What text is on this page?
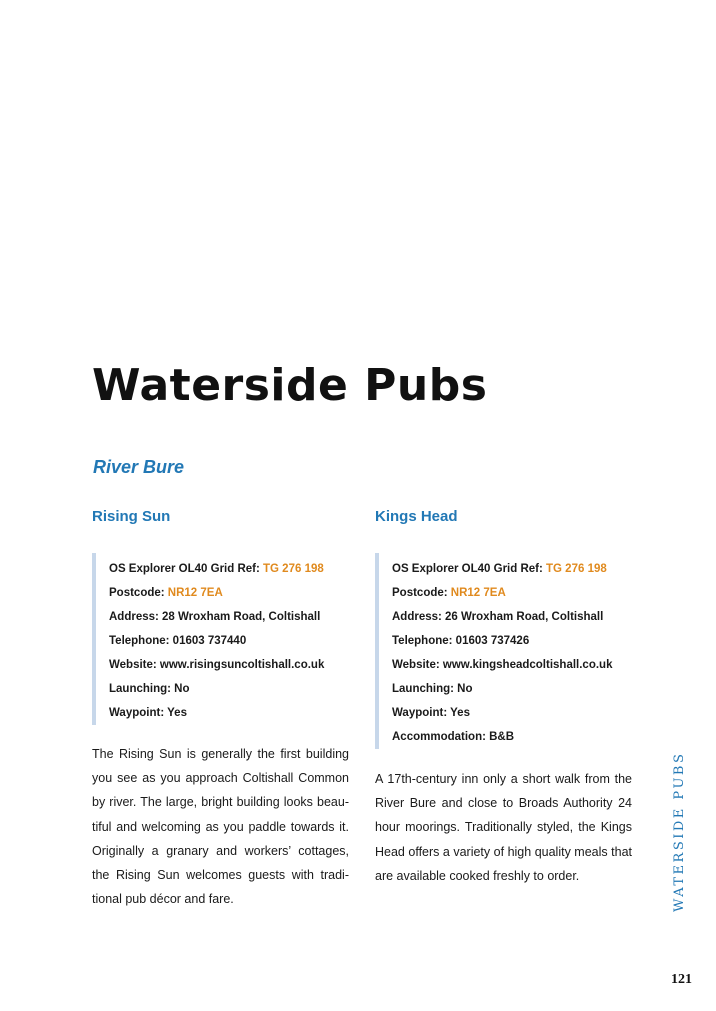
Waterside Pubs
River Bure
Rising Sun
OS Explorer OL40 Grid Ref: TG 276 198
Postcode: NR12 7EA
Address: 28 Wroxham Road, Coltishall
Telephone: 01603 737440
Website: www.risingsuncoltishall.co.uk
Launching: No
Waypoint: Yes

The Rising Sun is generally the first building you see as you approach Coltishall Common by river. The large, bright building looks beau-tiful and welcoming as you paddle towards it. Originally a granary and workers’ cottages, the Rising Sun welcomes guests with tradi-tional pub décor and fare.

Kings Head
OS Explorer OL40 Grid Ref: TG 276 198
Postcode: NR12 7EA
Address: 26 Wroxham Road, Coltishall
Telephone: 01603 737426
Website: www.kingsheadcoltishall.co.uk
Launching: No
Waypoint: Yes
Accommodation: B&B

A 17th-century inn only a short walk from the River Bure and close to Broads Authority 24 hour moorings. Traditionally styled, the Kings Head offers a variety of high quality meals that are available cooked freshly to order.	WATERSIDE PUBS
121
